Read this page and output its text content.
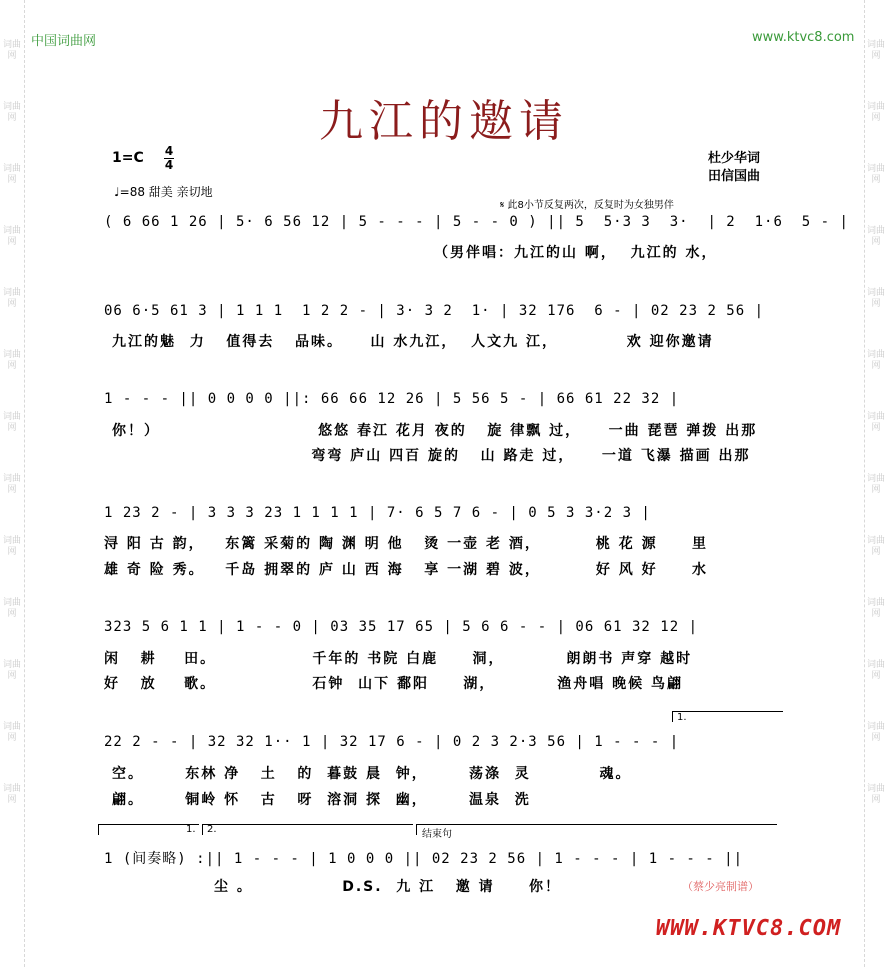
词曲网
词曲网
词曲网
词曲网
词曲网
词曲网
词曲网
词曲网
词曲网
词曲网
词曲网
词曲网
词曲网
词曲网
词曲网
词曲网
词曲网
词曲网
词曲网
词曲网
词曲网
词曲网
词曲网
词曲网
词曲网
词曲网
中国词曲网	www.ktvc8.com
九江的邀请
1=C 4
4
♩=88 甜美 亲切地
杜少华词
田信国曲
𝄋 此8小节反复两次，反复时为女独男伴
( 6 66 1 26 | 5· 6 56 12 | 5 - - - | 5 - - 0 ) || 5  5·3 3  3·  | 2  1·6  5 - |
（男伴唱：九江的山 啊，  九江的 水，
06 6·5 61 3 | 1 1 1  1 2 2 - | 3· 3 2  1· | 32 176  6 - | 02 23 2 56 |
九江的魅  力   值得去   品味。    山 水九江，  人文九 江，          欢 迎你邀请
1 - - - || 0 0 0 0 ||: 66 66 12 26 | 5 56 5 - | 66 61 22 32 |
你！）                       悠悠 春江 花月 夜的   旋 律飘 过，    一曲 琵琶 弹拨 出那
弯弯 庐山 四百 旋的   山 路走 过，    一道 飞瀑 描画 出那
1 23 2 - | 3 3 3 23 1 1 1 1 | 7· 6 5 7 6 - | 0 5 3 3·2 3 |
浔 阳 古 韵，   东篱 采菊的 陶 渊 明 他   烫 一壶 老 酒，        桃 花 源     里
雄 奇 险 秀。   千岛 拥翠的 庐 山 西 海   享 一湖 碧 波，        好 风 好     水
323 5 6 1 1 | 1 - - 0 | 03 35 17 65 | 5 6 6 - - | 06 61 32 12 |
闲   耕    田。              千年的 书院 白鹿     洞，         朗朗书 声穿 越时
好   放    歌。              石钟  山下 鄱阳     湖，         渔舟唱 晚候 鸟翩
1.
22 2 - - | 32 32 1·· 1 | 32 17 6 - | 0 2 3 2·3 56 | 1 - - - |
空。      东林 净   土   的  暮鼓 晨  钟，      荡涤  灵          魂。
翩。      铜岭 怀   古   呀  溶洞 探  幽，      温泉  洗
1. 2.	结束句
1 (间奏略) :|| 1 - - - | 1 0 0 0 || 02 23 2 56 | 1 - - - | 1 - - - ||
尘 。             D.S.  九 江   邀 请     你！	（蔡少亮制谱）
WWW.KTVC8.COM
